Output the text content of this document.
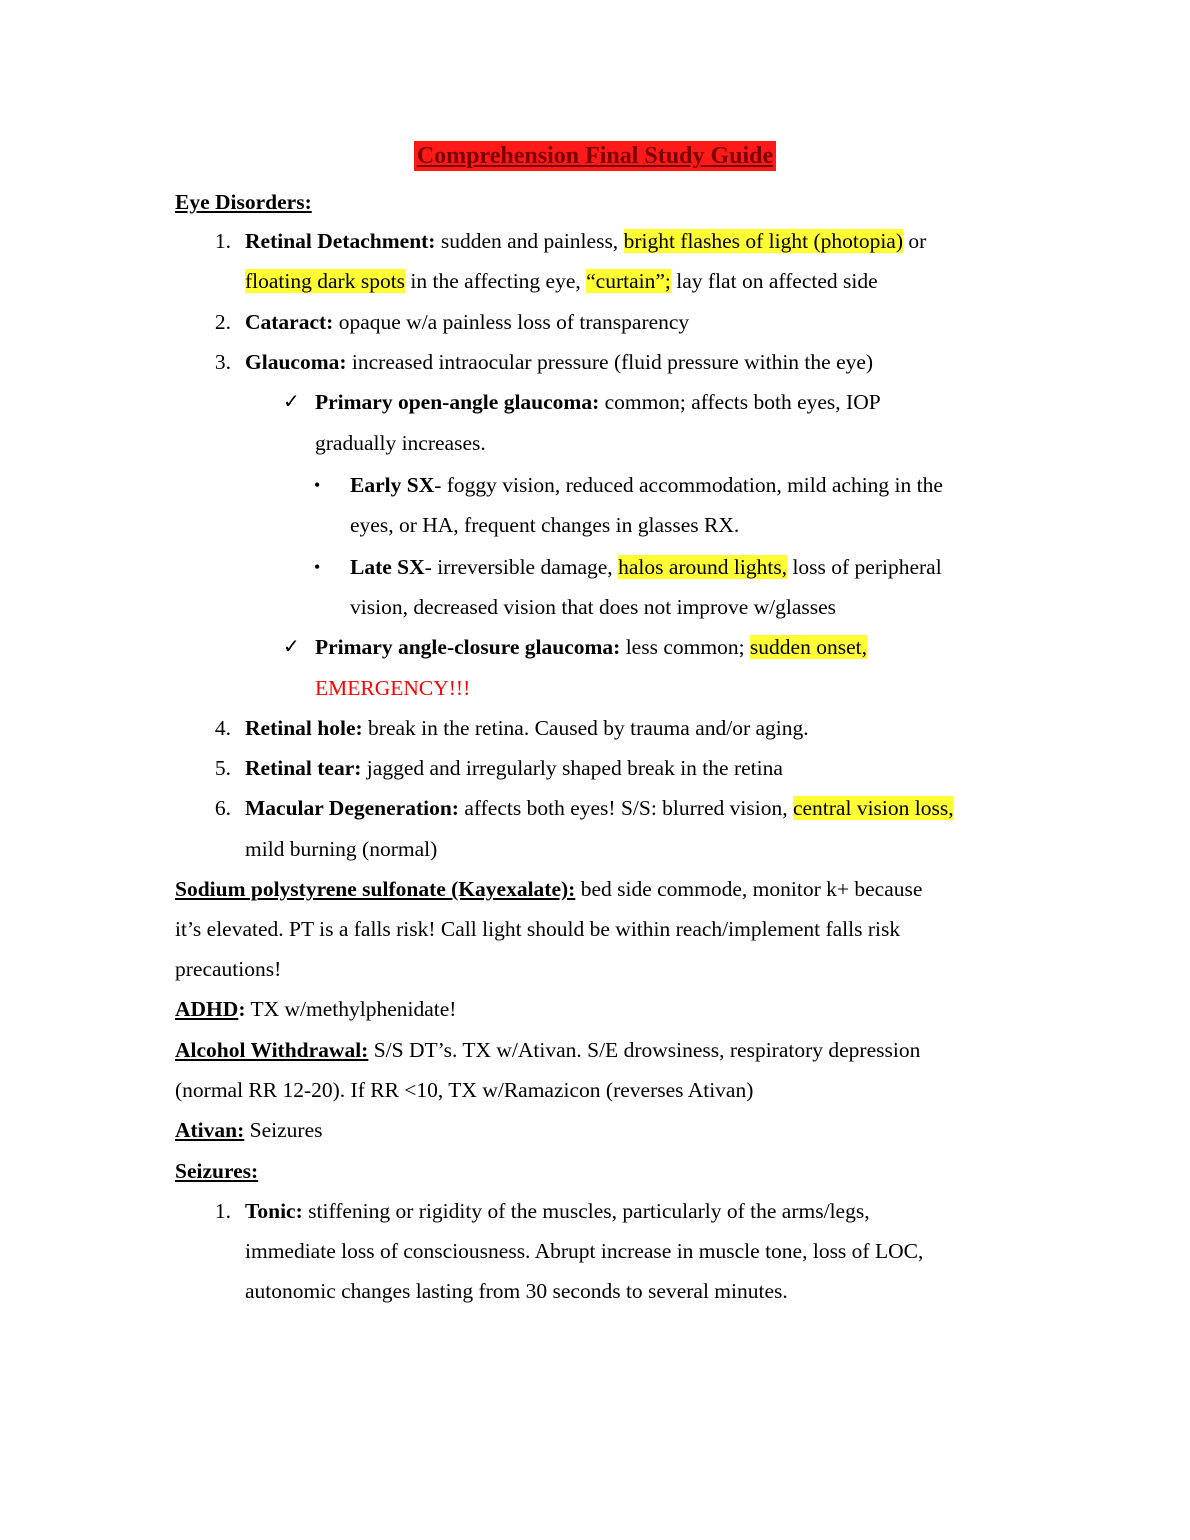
Comprehension Final Study Guide
Eye Disorders:
1. Retinal Detachment: sudden and painless, bright flashes of light (photopia) or
floating dark spots in the affecting eye, “curtain”; lay flat on affected side
2. Cataract: opaque w/a painless loss of transparency
3. Glaucoma: increased intraocular pressure (fluid pressure within the eye)
✓ Primary open-angle glaucoma: common; affects both eyes, IOP
gradually increases.
• Early SX- foggy vision, reduced accommodation, mild aching in the
eyes, or HA, frequent changes in glasses RX.
• Late SX- irreversible damage, halos around lights, loss of peripheral
vision, decreased vision that does not improve w/glasses
✓ Primary angle-closure glaucoma: less common; sudden onset,
EMERGENCY!!!
4. Retinal hole: break in the retina. Caused by trauma and/or aging.
5. Retinal tear: jagged and irregularly shaped break in the retina
6. Macular Degeneration: affects both eyes! S/S: blurred vision, central vision loss,
mild burning (normal)
Sodium polystyrene sulfonate (Kayexalate): bed side commode, monitor k+ because
it’s elevated. PT is a falls risk! Call light should be within reach/implement falls risk
precautions!
ADHD: TX w/methylphenidate!
Alcohol Withdrawal: S/S DT’s. TX w/Ativan. S/E drowsiness, respiratory depression
(normal RR 12-20). If RR <10, TX w/Ramazicon (reverses Ativan)
Ativan: Seizures
Seizures:
1. Tonic: stiffening or rigidity of the muscles, particularly of the arms/legs,
immediate loss of consciousness. Abrupt increase in muscle tone, loss of LOC,
autonomic changes lasting from 30 seconds to several minutes.
